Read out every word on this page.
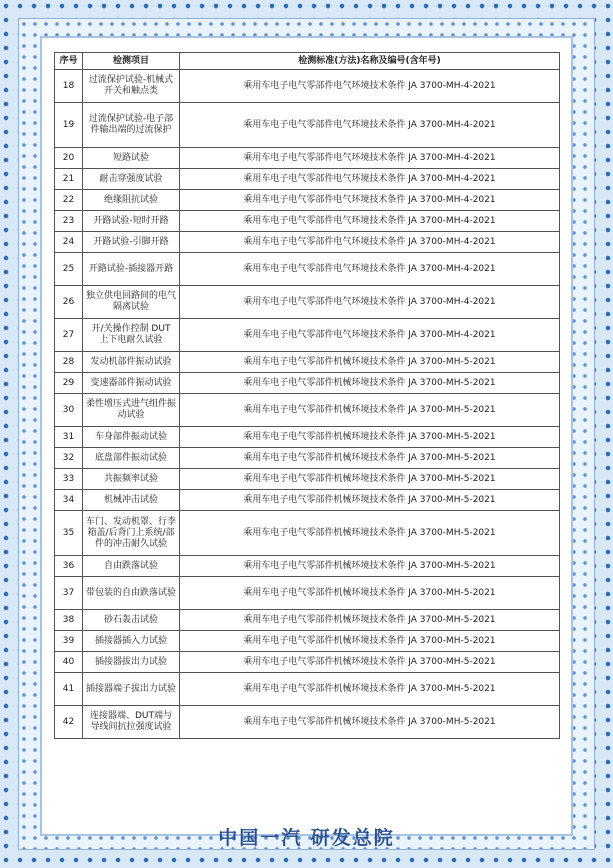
序号	检测项目	检测标准(方法)名称及编号(含年号)
18	过流保护试验-机械式开关和触点类	乘用车电子电气零部件电气环境技术条件 JA 3700-MH-4-2021
19	过流保护试验-电子部件输出端的过流保护	乘用车电子电气零部件电气环境技术条件 JA 3700-MH-4-2021
20	短路试验	乘用车电子电气零部件电气环境技术条件 JA 3700-MH-4-2021
21	耐击穿强度试验	乘用车电子电气零部件电气环境技术条件 JA 3700-MH-4-2021
22	绝缘阻抗试验	乘用车电子电气零部件电气环境技术条件 JA 3700-MH-4-2021
23	开路试验-短时开路	乘用车电子电气零部件电气环境技术条件 JA 3700-MH-4-2021
24	开路试验-引脚开路	乘用车电子电气零部件电气环境技术条件 JA 3700-MH-4-2021
25	开路试验-插接器开路	乘用车电子电气零部件电气环境技术条件 JA 3700-MH-4-2021
26	独立供电回路间的电气隔离试验	乘用车电子电气零部件电气环境技术条件 JA 3700-MH-4-2021
27	开/关操作控制 DUT 上下电耐久试验	乘用车电子电气零部件电气环境技术条件 JA 3700-MH-4-2021
28	发动机部件振动试验	乘用车电子电气零部件机械环境技术条件 JA 3700-MH-5-2021
29	变速器部件振动试验	乘用车电子电气零部件机械环境技术条件 JA 3700-MH-5-2021
30	柔性增压式进气组件振动试验	乘用车电子电气零部件机械环境技术条件 JA 3700-MH-5-2021
31	车身部件振动试验	乘用车电子电气零部件机械环境技术条件 JA 3700-MH-5-2021
32	底盘部件振动试验	乘用车电子电气零部件机械环境技术条件 JA 3700-MH-5-2021
33	共振频率试验	乘用车电子电气零部件机械环境技术条件 JA 3700-MH-5-2021
34	机械冲击试验	乘用车电子电气零部件机械环境技术条件 JA 3700-MH-5-2021
35	车门、发动机罩、行李箱盖/后背门上系统/部件的冲击耐久试验	乘用车电子电气零部件机械环境技术条件 JA 3700-MH-5-2021
36	自由跌落试验	乘用车电子电气零部件机械环境技术条件 JA 3700-MH-5-2021
37	带包装的自由跌落试验	乘用车电子电气零部件机械环境技术条件 JA 3700-MH-5-2021
38	砂石轰击试验	乘用车电子电气零部件机械环境技术条件 JA 3700-MH-5-2021
39	插接器插入力试验	乘用车电子电气零部件机械环境技术条件 JA 3700-MH-5-2021
40	插接器拔出力试验	乘用车电子电气零部件机械环境技术条件 JA 3700-MH-5-2021
41	插接器端子拔出力试验	乘用车电子电气零部件机械环境技术条件 JA 3700-MH-5-2021
42	连接器端、DUT端与导线间抗拉强度试验	乘用车电子电气零部件机械环境技术条件 JA 3700-MH-5-2021
中国一汽 研发总院
